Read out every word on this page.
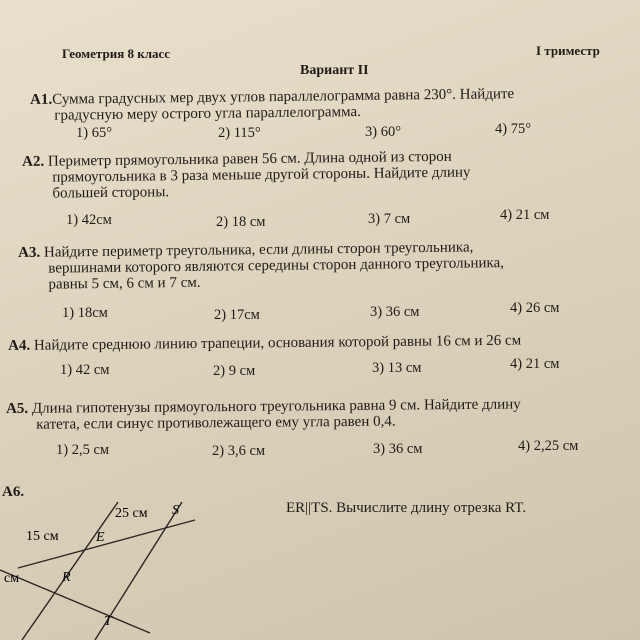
Геометрия 8 класс	I триместр
Вариант II
A1.Сумма градусных мер двух углов параллелограмма равна 230°. Найдите
градусную меру острого угла параллелограмма.
1) 65°	2) 115°	3) 60°	4) 75°
A2. Периметр прямоугольника равен 56 см. Длина одной из сторон
прямоугольника в 3 раза меньше другой стороны. Найдите длину
большей стороны.
1) 42см	2) 18 см	3) 7 см	4) 21 см
A3. Найдите периметр треугольника, если длины сторон треугольника,
вершинами которого являются середины сторон данного треугольника,
равны 5 см, 6 см и 7 см.
1) 18см	2) 17см	3) 36 см	4) 26 см
A4. Найдите среднюю линию трапеции, основания которой равны 16 см и 26 см
1) 42 см	2) 9 см	3) 13 см	4) 21 см
A5. Длина гипотенузы прямоугольного треугольника равна 9 см. Найдите длину
катета, если синус противолежащего ему угла равен 0,4.
1) 2,5 см	2) 3,6 см	3) 36 см	4) 2,25 см
А6.
ER||TS. Вычислите длину отрезка RT.
25 см S
15 см	E
см	R
T
